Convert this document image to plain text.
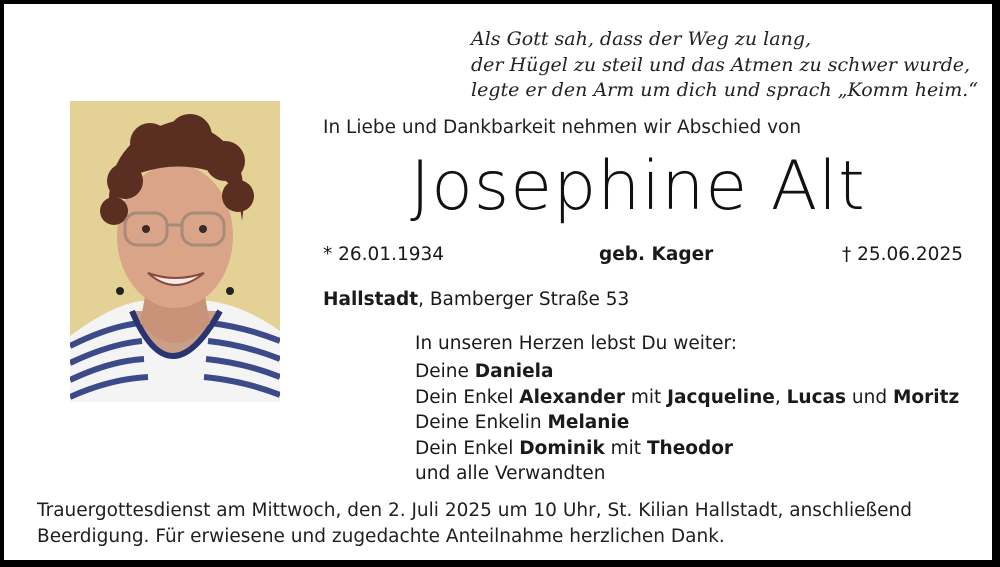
Als Gott sah, dass der Weg zu lang,
der Hügel zu steil und das Atmen zu schwer wurde,
legte er den Arm um dich und sprach „Komm heim.“
In Liebe und Dankbarkeit nehmen wir Abschied von
Josephine Alt
* 26.01.1934	geb. Kager	† 25.06.2025
Hallstadt, Bamberger Straße 53
In unseren Herzen lebst Du weiter:
Deine Daniela
Dein Enkel Alexander mit Jacqueline, Lucas und Moritz
Deine Enkelin Melanie
Dein Enkel Dominik mit Theodor
und alle Verwandten
Trauergottesdienst am Mittwoch, den 2. Juli 2025 um 10 Uhr, St. Kilian Hallstadt, anschließend
Beerdigung. Für erwiesene und zugedachte Anteilnahme herzlichen Dank.
